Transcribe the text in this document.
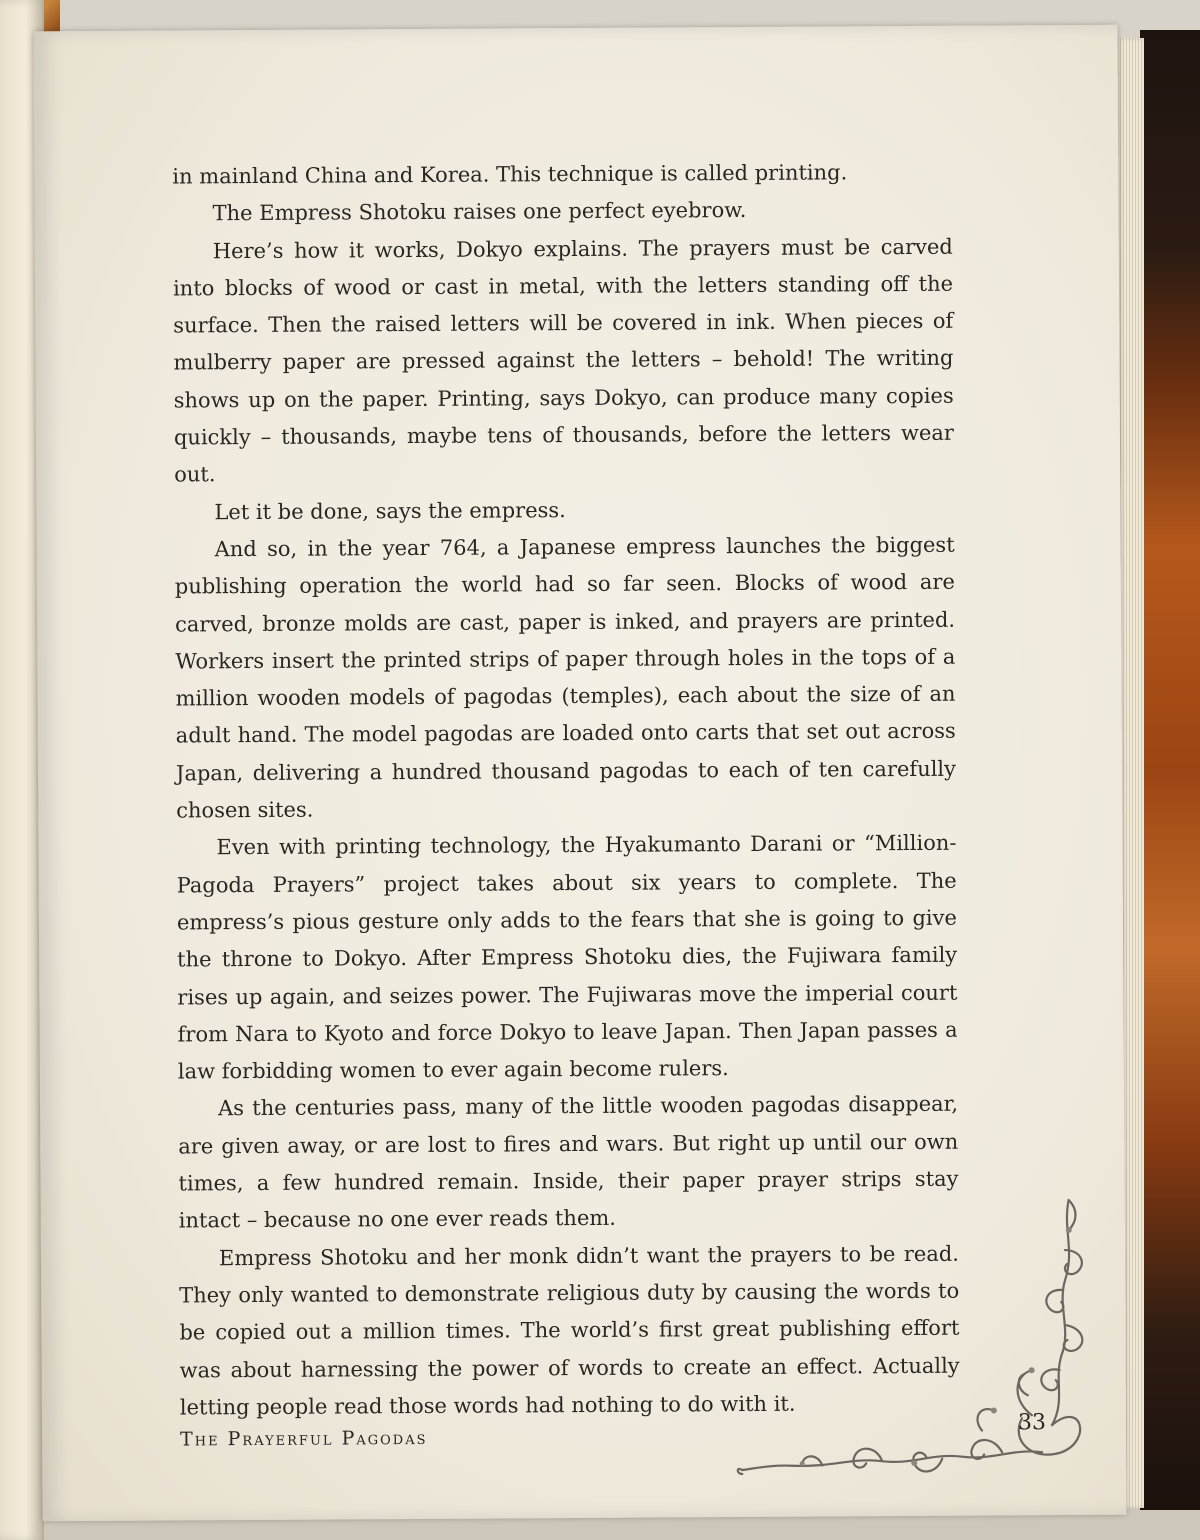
in mainland China and Korea. This technique is called printing.

The Empress Shotoku raises one perfect eyebrow.

Here’s how it works, Dokyo explains. The prayers must be carved into blocks of wood or cast in metal, with the letters standing off the surface. Then the raised letters will be covered in ink. When pieces of mulberry paper are pressed against the letters – behold! The writing shows up on the paper. Printing, says Dokyo, can produce many copies quickly – thousands, maybe tens of thousands, before the letters wear out.

Let it be done, says the empress.

And so, in the year 764, a Japanese empress launches the biggest publishing operation the world had so far seen. Blocks of wood are carved, bronze molds are cast, paper is inked, and prayers are printed. Workers insert the printed strips of paper through holes in the tops of a million wooden models of pagodas (temples), each about the size of an adult hand. The model pagodas are loaded onto carts that set out across Japan, delivering a hundred thousand pagodas to each of ten carefully chosen sites.

Even with printing technology, the Hyakumanto Darani or “Million-Pagoda Prayers” project takes about six years to complete. The empress’s pious gesture only adds to the fears that she is going to give the throne to Dokyo. After Empress Shotoku dies, the Fujiwara family rises up again, and seizes power. The Fujiwaras move the imperial court from Nara to Kyoto and force Dokyo to leave Japan. Then Japan passes a law forbidding women to ever again become rulers.

As the centuries pass, many of the little wooden pagodas disappear, are given away, or are lost to fires and wars. But right up until our own times, a few hundred remain. Inside, their paper prayer strips stay intact – because no one ever reads them.

Empress Shotoku and her monk didn’t want the prayers to be read. They only wanted to demonstrate religious duty by causing the words to be copied out a million times. The world’s first great publishing effort was about harnessing the power of words to create an effect. Actually letting people read those words had nothing to do with it.

The Prayerful Pagodas
33
